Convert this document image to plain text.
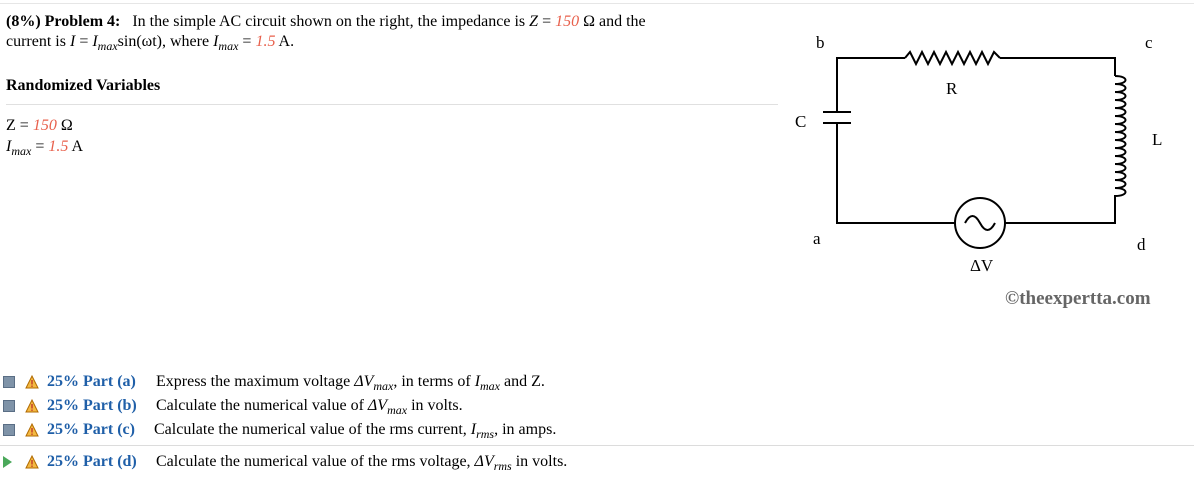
(8%) Problem 4: In the simple AC circuit shown on the right, the impedance is Z = 150 Ω and the
current is $I = I_{max}\sin(\omega t)$, where $I_{max} = 1.5$ A.
Randomized Variables
Z = 150 Ω
$I_{max} = 1.5$ A
b	c
R
C
L
a	d
ΔV
©theexpertta.com
25% Part (a) Express the maximum voltage $\Delta V_{max}$, in terms of $I_{max}$ and Z.
25% Part (b) Calculate the numerical value of $\Delta V_{max}$ in volts.
25% Part (c) Calculate the numerical value of the rms current, $I_{rms}$, in amps.
25% Part (d) Calculate the numerical value of the rms voltage, $\Delta V_{rms}$ in volts.
